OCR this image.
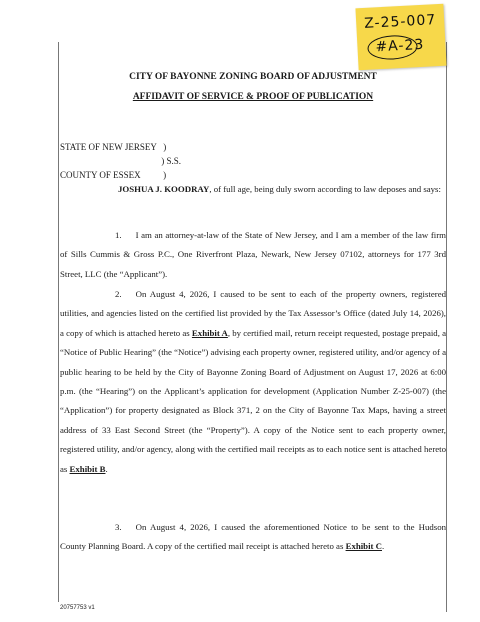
Z-25-007
#A-23
CITY OF BAYONNE ZONING BOARD OF ADJUSTMENT
AFFIDAVIT OF SERVICE & PROOF OF PUBLICATION
STATE OF NEW JERSEY   )
) S.S.
COUNTY OF ESSEX          )

JOSHUA J. KOODRAY, of full age, being duly sworn according to law deposes and says:

1. I am an attorney-at-law of the State of New Jersey, and I am a member of the law firm of Sills Cummis & Gross P.C., One Riverfront Plaza, Newark, New Jersey 07102, attorneys for 177 3rd Street, LLC (the “Applicant”).

2. On August 4, 2026, I caused to be sent to each of the property owners, registered utilities, and agencies listed on the certified list provided by the Tax Assessor’s Office (dated July 14, 2026), a copy of which is attached hereto as Exhibit A, by certified mail, return receipt requested, postage prepaid, a “Notice of Public Hearing” (the “Notice”) advising each property owner, registered utility, and/or agency of a public hearing to be held by the City of Bayonne Zoning Board of Adjustment on August 17, 2026 at 6:00 p.m. (the “Hearing”) on the Applicant’s application for development (Application Number Z-25-007) (the “Application”) for property designated as Block 371, 2 on the City of Bayonne Tax Maps, having a street address of 33 East Second Street (the “Property”). A copy of the Notice sent to each property owner, registered utility, and/or agency, along with the certified mail receipts as to each notice sent is attached hereto as Exhibit B.

3. On August 4, 2026, I caused the aforementioned Notice to be sent to the Hudson County Planning Board. A copy of the certified mail receipt is attached hereto as Exhibit C.

20757753 v1
